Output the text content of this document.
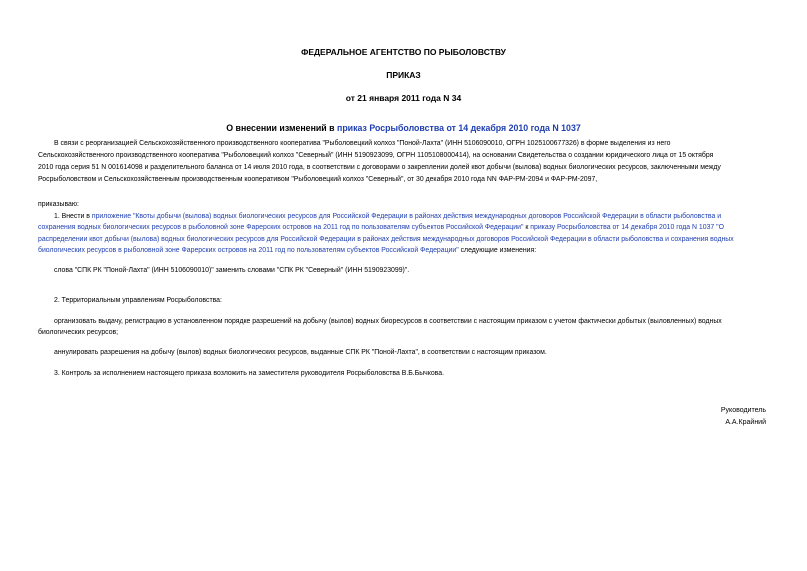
ФЕДЕРАЛЬНОЕ АГЕНТСТВО ПО РЫБОЛОВСТВУ
ПРИКАЗ
от 21 января 2011 года N 34
О внесении изменений в приказ Росрыболовства от 14 декабря 2010 года N 1037
В связи с реорганизацией Сельскохозяйственного производственного кооператива "Рыболовецкий колхоз "Поной-Лахта" (ИНН 5106090010, ОГРН 1025100677326) в форме выделения из него
Сельскохозяйственного производственного кооператива "Рыболовецкий колхоз "Северный" (ИНН 5190923099, ОГРН 1105108000414), на основании Свидетельства о создании юридического лица от 15 октября
2010 года серия 51 N 001614098 и разделительного баланса от 14 июля 2010 года, в соответствии с договорами о закреплении долей квот добычи (вылова) водных биологических ресурсов, заключенными между
Росрыболовством и Сельскохозяйственным производственным кооперативом "Рыболовецкий колхоз "Северный", от 30 декабря 2010 года NN ФАР-РМ-2094 и ФАР-РМ-2097,
приказываю:
1. Внести в приложение "Квоты добычи (вылова) водных биологических ресурсов для Российской Федерации в районах действия международных договоров Российской Федерации в области рыболовства и
сохранения водных биологических ресурсов в рыболовной зоне Фарерских островов на 2011 год по пользователям субъектов Российской Федерации" к приказу Росрыболовства от 14 декабря 2010 года N 1037 "О
распределении квот добычи (вылова) водных биологических ресурсов для Российской Федерации в районах действия международных договоров Российской Федерации в области рыболовства и сохранения водных
биологических ресурсов в рыболовной зоне Фарерских островов на 2011 год по пользователям субъектов Российской Федерации" следующие изменения:
слова "СПК РК "Поной-Лахта" (ИНН 5106090010)" заменить словами "СПК РК "Северный" (ИНН 5190923099)".
2. Территориальным управлениям Росрыболовства:
организовать выдачу, регистрацию в установленном порядке разрешений на добычу (вылов) водных биоресурсов в соответствии с настоящим приказом с учетом фактически добытых (выловленных) водных
биологических ресурсов;
аннулировать разрешения на добычу (вылов) водных биологических ресурсов, выданные СПК РК "Поной-Лахта", в соответствии с настоящим приказом.
3. Контроль за исполнением настоящего приказа возложить на заместителя руководителя Росрыболовства В.Б.Бычкова.
Руководитель
А.А.Крайний
